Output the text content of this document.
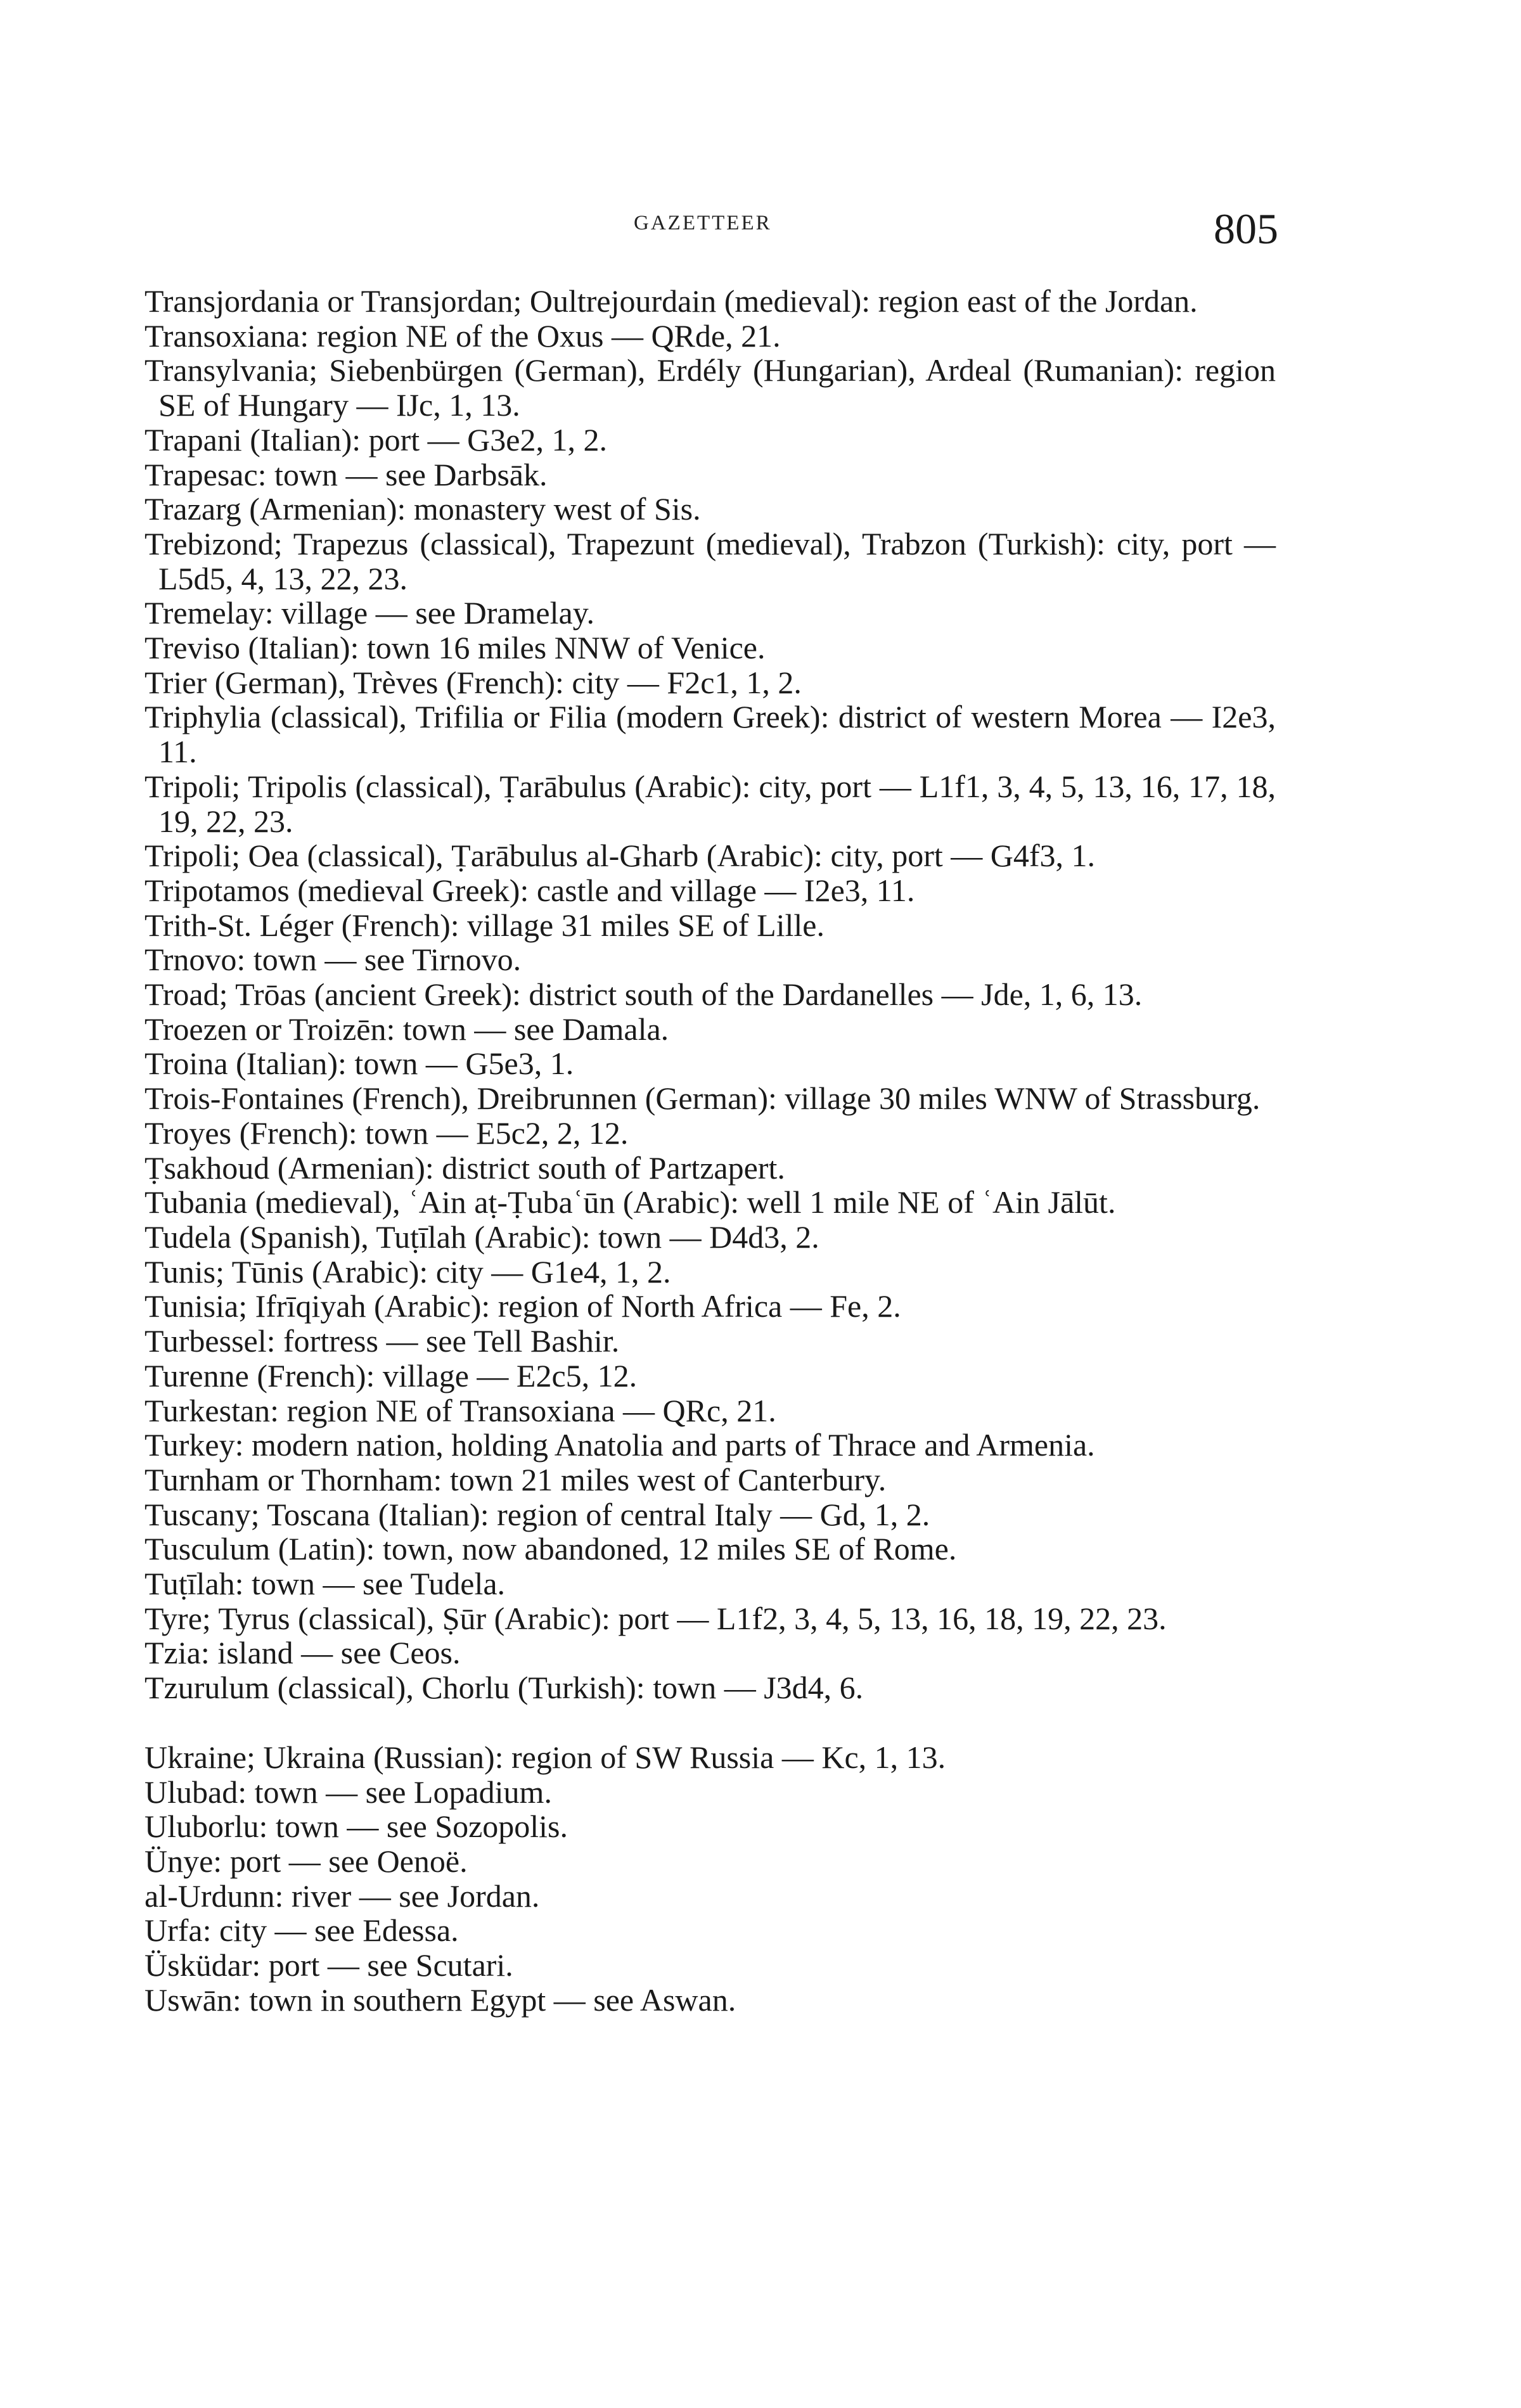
GAZETTEER	805

Transjordania or Transjordan; Oultrejourdain (medieval): region east of the Jordan.

Transoxiana: region NE of the Oxus — QRde, 21.

Transylvania; Siebenbürgen (German), Erdély (Hungarian), Ardeal (Rumanian): region SE of Hungary — IJc, 1, 13.

Trapani (Italian): port — G3e2, 1, 2.

Trapesac: town — see Darbsāk.

Trazarg (Armenian): monastery west of Sis.

Trebizond; Trapezus (classical), Trapezunt (medieval), Trabzon (Turkish): city, port — L5d5, 4, 13, 22, 23.

Tremelay: village — see Dramelay.

Treviso (Italian): town 16 miles NNW of Venice.

Trier (German), Trèves (French): city — F2c1, 1, 2.

Triphylia (classical), Trifilia or Filia (modern Greek): district of western Morea — I2e3, 11.

Tripoli; Tripolis (classical), Ṭarābulus (Arabic): city, port — L1f1, 3, 4, 5, 13, 16, 17, 18, 19, 22, 23.

Tripoli; Oea (classical), Ṭarābulus al-Gharb (Arabic): city, port — G4f3, 1.

Tripotamos (medieval Greek): castle and village — I2e3, 11.

Trith-St. Léger (French): village 31 miles SE of Lille.

Trnovo: town — see Tirnovo.

Troad; Trōas (ancient Greek): district south of the Dardanelles — Jde, 1, 6, 13.

Troezen or Troizēn: town — see Damala.

Troina (Italian): town — G5e3, 1.

Trois-Fontaines (French), Dreibrunnen (German): village 30 miles WNW of Strassburg.

Troyes (French): town — E5c2, 2, 12.

Ṭsakhoud (Armenian): district south of Partzapert.

Tubania (medieval), ʿAin aṭ-Ṭubaʿūn (Arabic): well 1 mile NE of ʿAin Jālūt.

Tudela (Spanish), Tuṭīlah (Arabic): town — D4d3, 2.

Tunis; Tūnis (Arabic): city — G1e4, 1, 2.

Tunisia; Ifrīqiyah (Arabic): region of North Africa — Fe, 2.

Turbessel: fortress — see Tell Bashir.

Turenne (French): village — E2c5, 12.

Turkestan: region NE of Transoxiana — QRc, 21.

Turkey: modern nation, holding Anatolia and parts of Thrace and Armenia.

Turnham or Thornham: town 21 miles west of Canterbury.

Tuscany; Toscana (Italian): region of central Italy — Gd, 1, 2.

Tusculum (Latin): town, now abandoned, 12 miles SE of Rome.

Tuṭīlah: town — see Tudela.

Tyre; Tyrus (classical), Ṣūr (Arabic): port — L1f2, 3, 4, 5, 13, 16, 18, 19, 22, 23.

Tzia: island — see Ceos.

Tzurulum (classical), Chorlu (Turkish): town — J3d4, 6.

Ukraine; Ukraina (Russian): region of SW Russia — Kc, 1, 13.

Ulubad: town — see Lopadium.

Uluborlu: town — see Sozopolis.

Ünye: port — see Oenoë.

al-Urdunn: river — see Jordan.

Urfa: city — see Edessa.

Üsküdar: port — see Scutari.

Uswān: town in southern Egypt — see Aswan.
